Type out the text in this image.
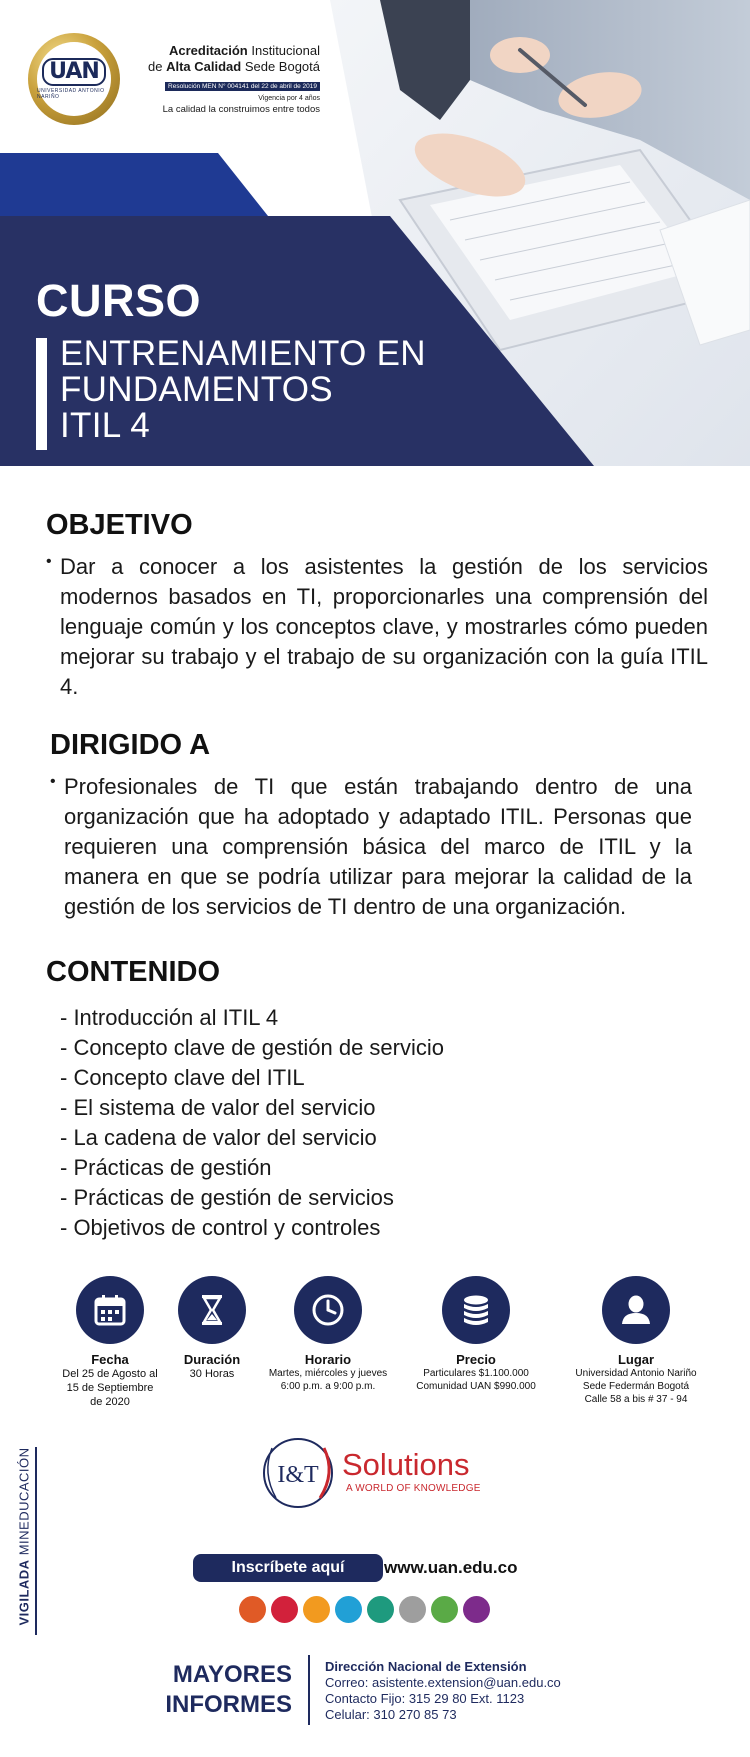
UAN
UNIVERSIDAD ANTONIO NARIÑO
Acreditación Institucional
de Alta Calidad Sede Bogotá
Resolución MEN N° 004141 del 22 de abril de 2019
Vigencia por 4 años
La calidad la construimos entre todos
CURSO
ENTRENAMIENTO EN
FUNDAMENTOS
ITIL 4
OBJETIVO
• Dar a conocer a los asistentes la gestión de los servicios modernos basados en TI, proporcionarles una comprensión del lenguaje común y los conceptos clave, y mostrarles cómo pueden mejorar su trabajo y el trabajo de su organización con la guía ITIL 4.
DIRIGIDO A
• Profesionales de TI que están trabajando dentro de una organización que ha adoptado y adaptado ITIL. Personas que requieren una comprensión básica del marco de ITIL y la manera en que se podría utilizar para mejorar la calidad de la gestión de los servicios de TI dentro de una organización.
CONTENIDO
- Introducción al ITIL 4
- Concepto clave de gestión de servicio
- Concepto clave del ITIL
- El sistema de valor del servicio
- La cadena de valor del servicio
- Prácticas de gestión
- Prácticas de gestión de servicios
- Objetivos de control y controles
Fecha
Del 25 de Agosto al
15 de Septiembre
de 2020
Duración
30 Horas
Horario
Martes, miércoles y jueves
6:00 p.m. a 9:00 p.m.
Precio
Particulares $1.100.000
Comunidad UAN $990.000
Lugar
Universidad Antonio Nariño
Sede Federmán Bogotá
Calle 58 a bis # 37 - 94
VIGILADA MINEDUCACIÓN	I&T Solutions
A WORLD OF KNOWLEDGE
Inscríbete aquí	www.uan.edu.co
MAYORES
INFORMES
Dirección Nacional de Extensión
Correo: asistente.extension@uan.edu.co
Contacto Fijo: 315 29 80 Ext. 1123
Celular: 310 270 85 73
